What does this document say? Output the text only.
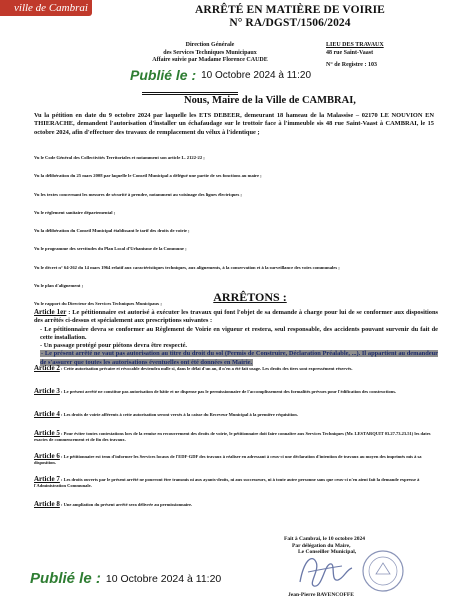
ville de Cambrai	ARRÊTÉ EN MATIÈRE DE VOIRIE
N° RA/DGST/1506/2024
Direction Générale
des Services Techniques Municipaux
Affaire suivie par Madame Florence CAUDE
LIEU DES TRAVAUX
48 rue Saint-Vaast
N° de Registre : 103
Publié le : 10 Octobre 2024 à 11:20
Nous, Maire de la Ville de CAMBRAI,
Vu la pétition en date du 9 octobre 2024 par laquelle les ETS DEBEER, demeurant 18 hameau de la Malassise – 02170 LE NOUVION EN THIERACHE, demandent l'autorisation d'installer un échafaudage sur le trottoir face à l'immeuble sis 48 rue Saint-Vaast à CAMBRAI, le 15 octobre 2024, afin d'effectuer des travaux de remplacement du vélux à l'identique ;

Vu le Code Général des Collectivités Territoriales et notamment son article L. 2122-22 ;

Vu la délibération du 25 mars 2008 par laquelle le Conseil Municipal a délégué une partie de ses fonctions au maire ;

Vu les textes concernant les mesures de sécurité à prendre, notamment au voisinage des lignes électriques ;

Vu le règlement sanitaire départemental ;

Vu la délibération du Conseil Municipal établissant le tarif des droits de voirie ;

Vu le programme des servitudes du Plan Local d'Urbanisme de la Commune ;

Vu le décret n° 64-262 du 14 mars 1964 relatif aux caractéristiques techniques, aux alignements, à la conservation et à la surveillance des voies communales ;

Vu le plan d'alignement ;

Vu le rapport du Directeur des Services Techniques Municipaux ;	ARRÊTONS :
Article 1er : Le pétitionnaire est autorisé à exécuter les travaux qui font l'objet de sa demande à charge pour lui de se conformer aux dispositions des arrêtés ci-dessus et spécialement aux prescriptions suivantes :
- Le pétitionnaire devra se conformer au Règlement de Voirie en vigueur et restera, seul responsable, des accidents pouvant survenir du fait de cette installation.
- Un passage protégé pour piétons devra être respecté.
- Le présent arrêté ne vaut pas autorisation au titre du droit du sol (Permis de Construire, Déclaration Préalable, ...). Il appartient au demandeur de s'assurer que toutes les autorisations éventuelles ont été données en Mairie.
Article 2 : Cette autorisation précaire et révocable deviendra nulle si, dans le délai d'un an, il n'en a été fait usage. Les droits des tiers sont expressément réservés.
Article 3 : Le présent arrêté ne constitue pas autorisation de bâtir et ne dispense pas le permissionnaire de l'accomplissement des formalités prévues pour l'édification des constructions.
Article 4 : Les droits de voirie afférents à cette autorisation seront versés à la caisse du Receveur Municipal à la première réquisition.
Article 5 : Pour éviter toutes contestations lors de la remise en recouvrement des droits de voirie, le pétitionnaire doit faire connaître aux Services Techniques (Mr. LESTARQUIT 03.27.73.23.51) les dates exactes de commencement et de fin des travaux.
Article 6 : Le pétitionnaire est tenu d'informer les Services locaux de l'EDF-GDF des travaux à réaliser en adressant à ceux-ci une déclaration d'intention de travaux au moyen des imprimés mis à sa disposition.
Article 7 : Les droits ouverts par le présent arrêté ne pourront être transmis ni aux ayants-droits, ni aux successeurs, ni à toute autre personne sans que ceux-ci n'en aient fait la demande expresse à l'Administration Communale.
Article 8 : Une ampliation du présent arrêté sera délivrée au permissionnaire.
Fait à Cambrai, le 10 octobre 2024
Par délégation du Maire,
Le Conseiller Municipal,
Jean-Pierre BAVENCOFFE
Publié le : 10 Octobre 2024 à 11:20
